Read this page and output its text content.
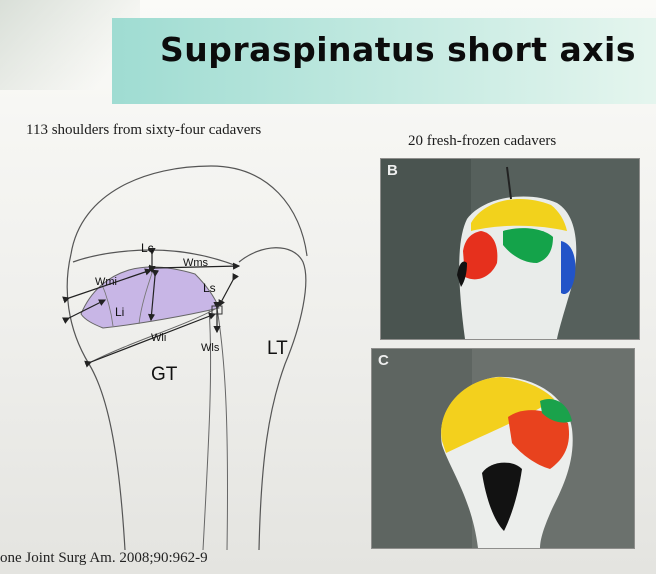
Supraspinatus short axis
113 shoulders from sixty-four cadavers
20 fresh-frozen cadavers
Lc
Wms
Wmi	Ls
Li
Wli
Wls
GT
LT
B
C
one Joint Surg Am. 2008;90:962-9
